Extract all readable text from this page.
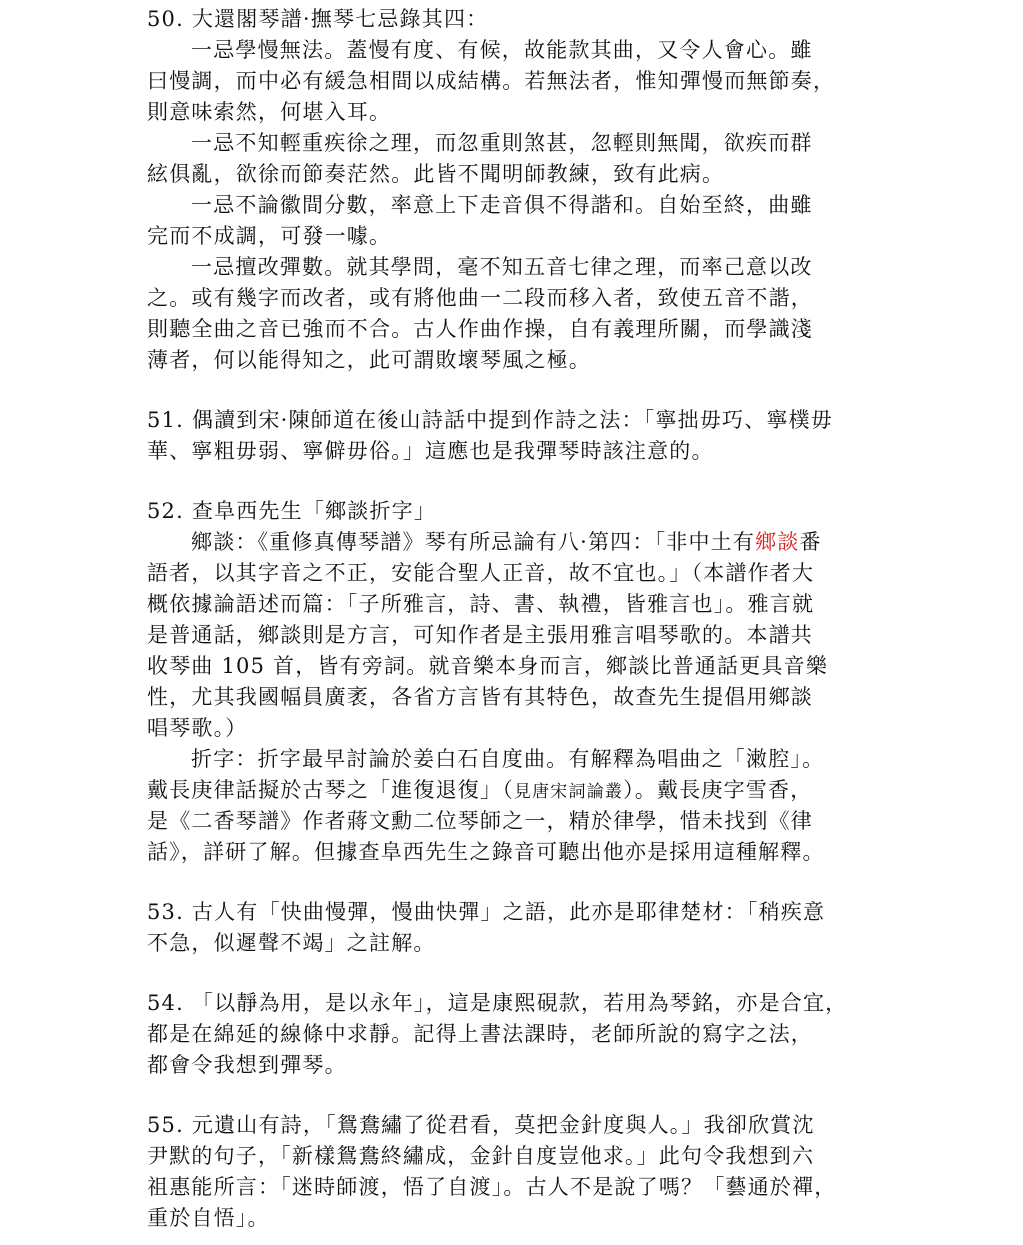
50. 大還閣琴譜·撫琴七忌錄其四：
一忌學慢無法。蓋慢有度、有候，故能款其曲，又令人會心。雖
曰慢調，而中必有緩急相間以成結構。若無法者，惟知彈慢而無節奏，
則意味索然，何堪入耳。
一忌不知輕重疾徐之理，而忽重則煞甚，忽輕則無聞，欲疾而群
絃俱亂，欲徐而節奏茫然。此皆不聞明師教練，致有此病。
一忌不論徽間分數，率意上下走音俱不得諧和。自始至終，曲雖
完而不成調，可發一噱。
一忌擅改彈數。就其學問，毫不知五音七律之理，而率己意以改
之。或有幾字而改者，或有將他曲一二段而移入者，致使五音不諧，
則聽全曲之音已強而不合。古人作曲作操，自有義理所關，而學識淺
薄者，何以能得知之，此可謂敗壞琴風之極。
51. 偶讀到宋·陳師道在後山詩話中提到作詩之法：「寧拙毋巧、寧樸毋
華、寧粗毋弱、寧僻毋俗。」這應也是我彈琴時該注意的。
52. 查阜西先生「鄉談折字」
鄉談：《重修真傳琴譜》琴有所忌論有八·第四：「非中土有鄉談番
語者，以其字音之不正，安能合聖人正音，故不宜也。」（本譜作者大
概依據論語述而篇：「子所雅言，詩、書、執禮，皆雅言也」。雅言就
是普通話，鄉談則是方言，可知作者是主張用雅言唱琴歌的。本譜共
收琴曲 105 首，皆有旁詞。就音樂本身而言，鄉談比普通話更具音樂
性，尤其我國幅員廣袤，各省方言皆有其特色，故查先生提倡用鄉談
唱琴歌。）
折字：折字最早討論於姜白石自度曲。有解釋為唱曲之「潄腔」。
戴長庚律話擬於古琴之「進復退復」（見唐宋詞論叢）。戴長庚字雪香，
是《二香琴譜》作者蔣文勳二位琴師之一，精於律學，惜未找到《律
話》，詳研了解。但據查阜西先生之錄音可聽出他亦是採用這種解釋。
53. 古人有「快曲慢彈，慢曲快彈」之語，此亦是耶律楚材：「稍疾意
不急，似遲聲不竭」之註解。
54. 「以靜為用，是以永年」，這是康熙硯款，若用為琴銘，亦是合宜，
都是在綿延的線條中求靜。記得上書法課時，老師所說的寫字之法，
都會令我想到彈琴。
55. 元遺山有詩，「鴛鴦繡了從君看，莫把金針度與人。」我卻欣賞沈
尹默的句子，「新樣鴛鴦終繡成，金針自度豈他求。」此句令我想到六
祖惠能所言：「迷時師渡，悟了自渡」。古人不是說了嗎？「藝通於禪，
重於自悟」。
